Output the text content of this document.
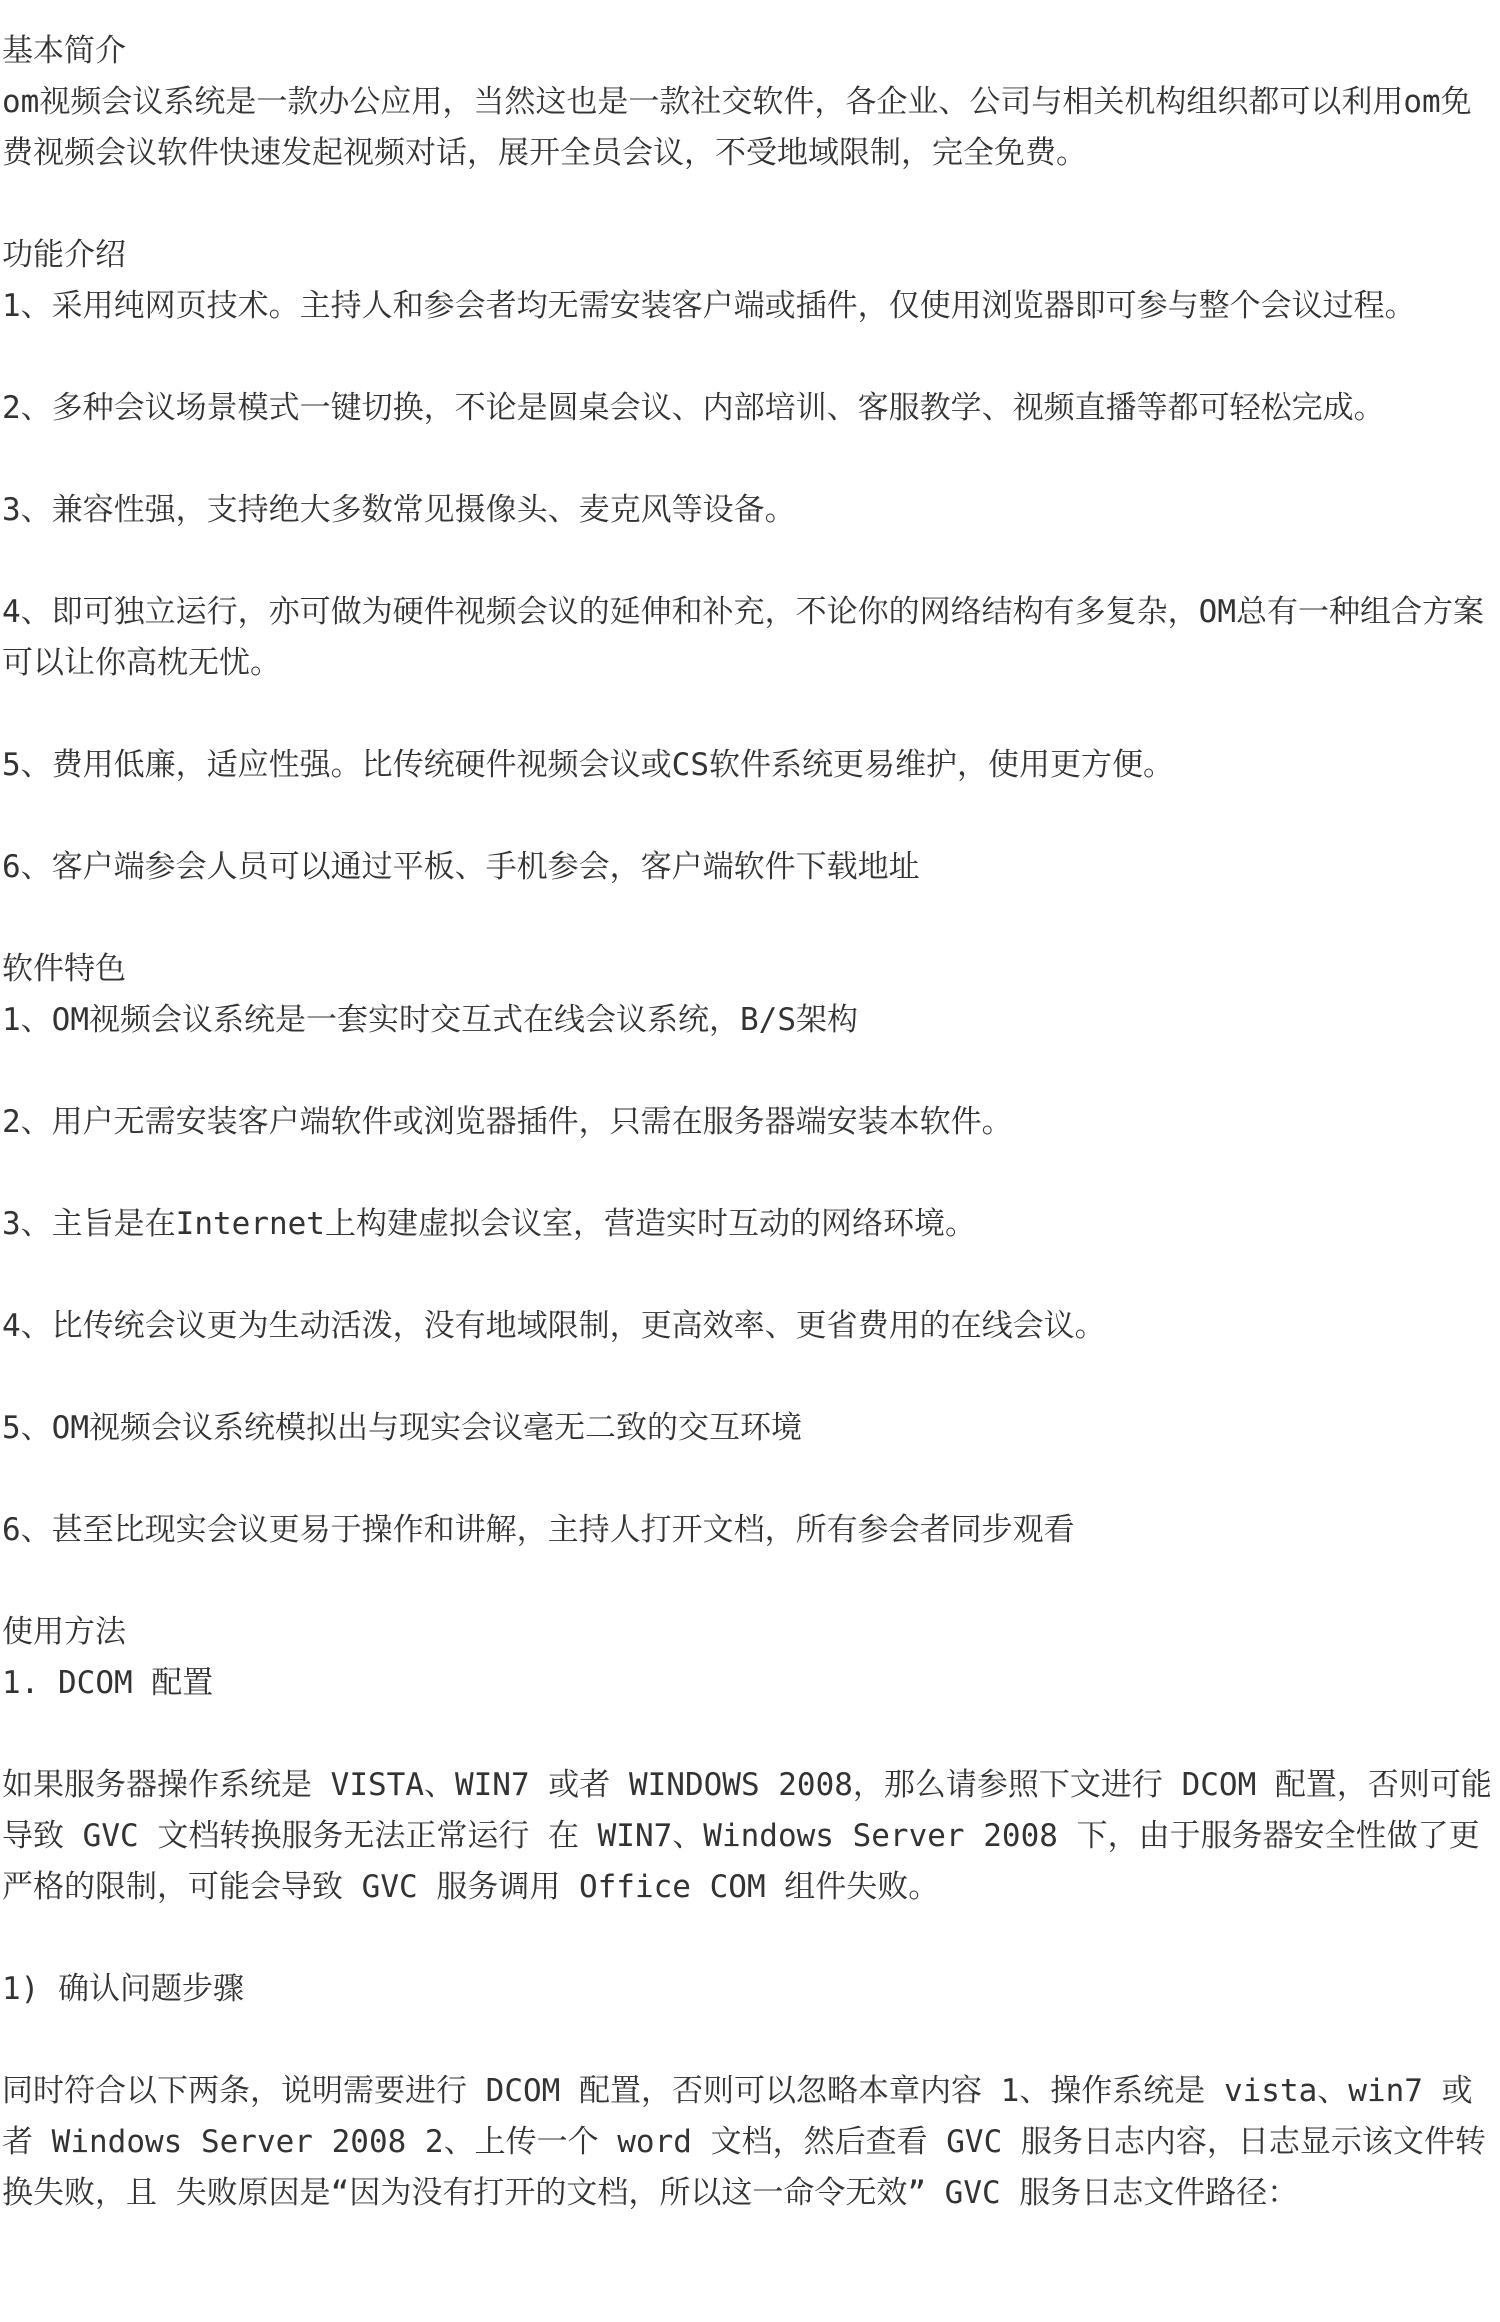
基本简介

om视频会议系统是一款办公应用，当然这也是一款社交软件，各企业、公司与相关机构组织都可以利用om免费视频会议软件快速发起视频对话，展开全员会议，不受地域限制，完全免费。

功能介绍

1、采用纯网页技术。主持人和参会者均无需安装客户端或插件，仅使用浏览器即可参与整个会议过程。

2、多种会议场景模式一键切换，不论是圆桌会议、内部培训、客服教学、视频直播等都可轻松完成。

3、兼容性强，支持绝大多数常见摄像头、麦克风等设备。

4、即可独立运行，亦可做为硬件视频会议的延伸和补充，不论你的网络结构有多复杂，OM总有一种组合方案可以让你高枕无忧。

5、费用低廉，适应性强。比传统硬件视频会议或CS软件系统更易维护，使用更方便。

6、客户端参会人员可以通过平板、手机参会，客户端软件下载地址

软件特色

1、OM视频会议系统是一套实时交互式在线会议系统，B/S架构

2、用户无需安装客户端软件或浏览器插件，只需在服务器端安装本软件。

3、主旨是在Internet上构建虚拟会议室，营造实时互动的网络环境。

4、比传统会议更为生动活泼，没有地域限制，更高效率、更省费用的在线会议。

5、OM视频会议系统模拟出与现实会议毫无二致的交互环境

6、甚至比现实会议更易于操作和讲解，主持人打开文档，所有参会者同步观看

使用方法

1. DCOM 配置

如果服务器操作系统是 VISTA、WIN7 或者 WINDOWS 2008，那么请参照下文进行 DCOM 配置，否则可能导致 GVC 文档转换服务无法正常运行 在 WIN7、Windows Server 2008 下，由于服务器安全性做了更严格的限制，可能会导致 GVC 服务调用 Office COM 组件失败。

1) 确认问题步骤

同时符合以下两条，说明需要进行 DCOM 配置，否则可以忽略本章内容 1、操作系统是 vista、win7 或者 Windows Server 2008 2、上传一个 word 文档，然后查看 GVC 服务日志内容，日志显示该文件转换失败，且 失败原因是“因为没有打开的文档，所以这一命令无效” GVC 服务日志文件路径：
